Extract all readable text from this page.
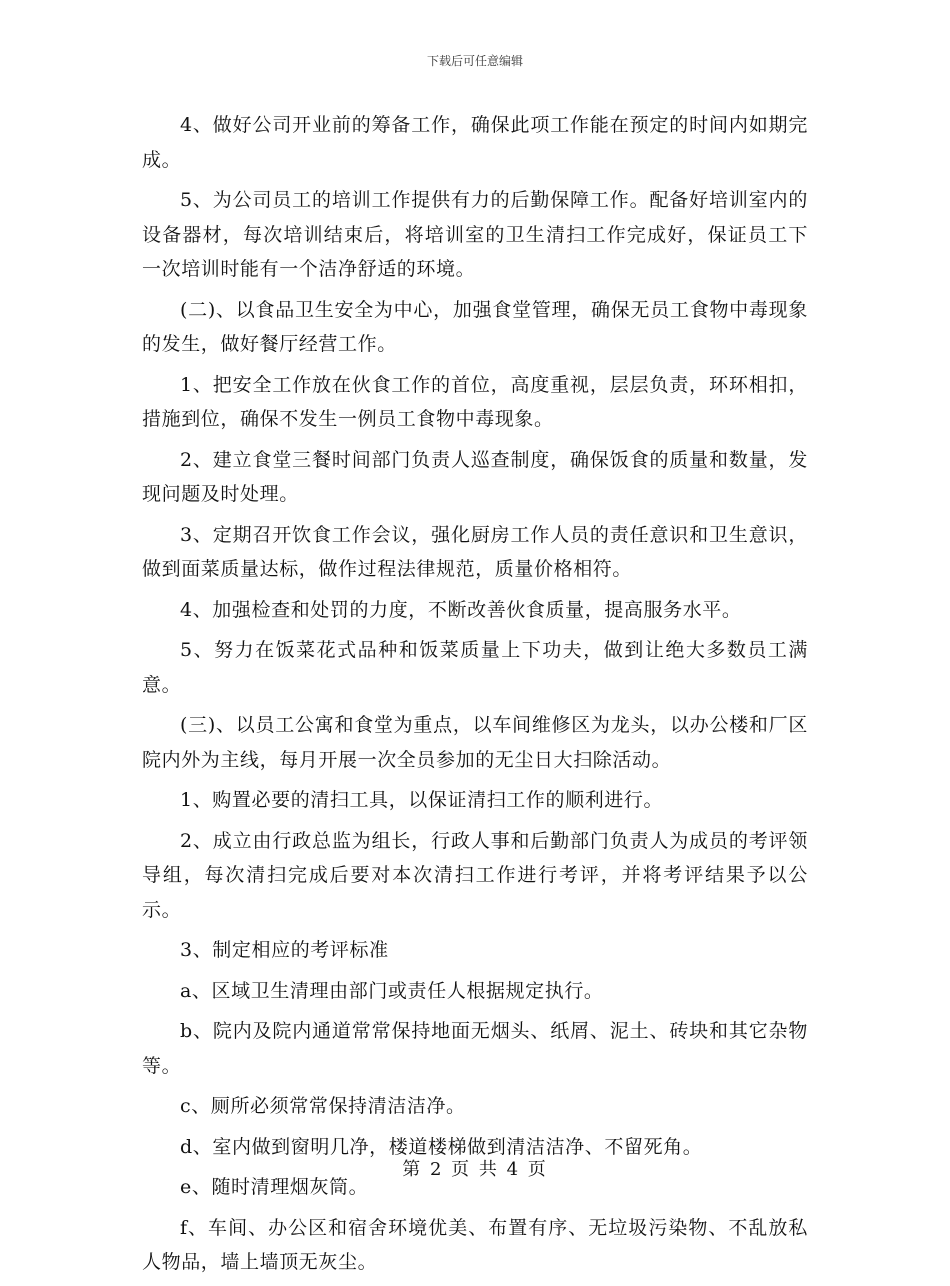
下载后可任意编辑

4、做好公司开业前的筹备工作，确保此项工作能在预定的时间内如期完成。

5、为公司员工的培训工作提供有力的后勤保障工作。配备好培训室内的设备器材，每次培训结束后，将培训室的卫生清扫工作完成好，保证员工下一次培训时能有一个洁净舒适的环境。

(二)、以食品卫生安全为中心，加强食堂管理，确保无员工食物中毒现象的发生，做好餐厅经营工作。

1、把安全工作放在伙食工作的首位，高度重视，层层负责，环环相扣，措施到位，确保不发生一例员工食物中毒现象。

2、建立食堂三餐时间部门负责人巡查制度，确保饭食的质量和数量，发现问题及时处理。

3、定期召开饮食工作会议，强化厨房工作人员的责任意识和卫生意识，做到面菜质量达标，做作过程法律规范，质量价格相符。

4、加强检查和处罚的力度，不断改善伙食质量，提高服务水平。

5、努力在饭菜花式品种和饭菜质量上下功夫，做到让绝大多数员工满意。

(三)、以员工公寓和食堂为重点，以车间维修区为龙头，以办公楼和厂区院内外为主线，每月开展一次全员参加的无尘日大扫除活动。

1、购置必要的清扫工具，以保证清扫工作的顺利进行。

2、成立由行政总监为组长，行政人事和后勤部门负责人为成员的考评领导组，每次清扫完成后要对本次清扫工作进行考评，并将考评结果予以公示。

3、制定相应的考评标准

a、区域卫生清理由部门或责任人根据规定执行。

b、院内及院内通道常常保持地面无烟头、纸屑、泥土、砖块和其它杂物等。

c、厕所必须常常保持清洁洁净。

d、室内做到窗明几净，楼道楼梯做到清洁洁净、不留死角。

e、随时清理烟灰筒。

f、车间、办公区和宿舍环境优美、布置有序、无垃圾污染物、不乱放私人物品，墙上墙顶无灰尘。

第 2 页 共 4 页
